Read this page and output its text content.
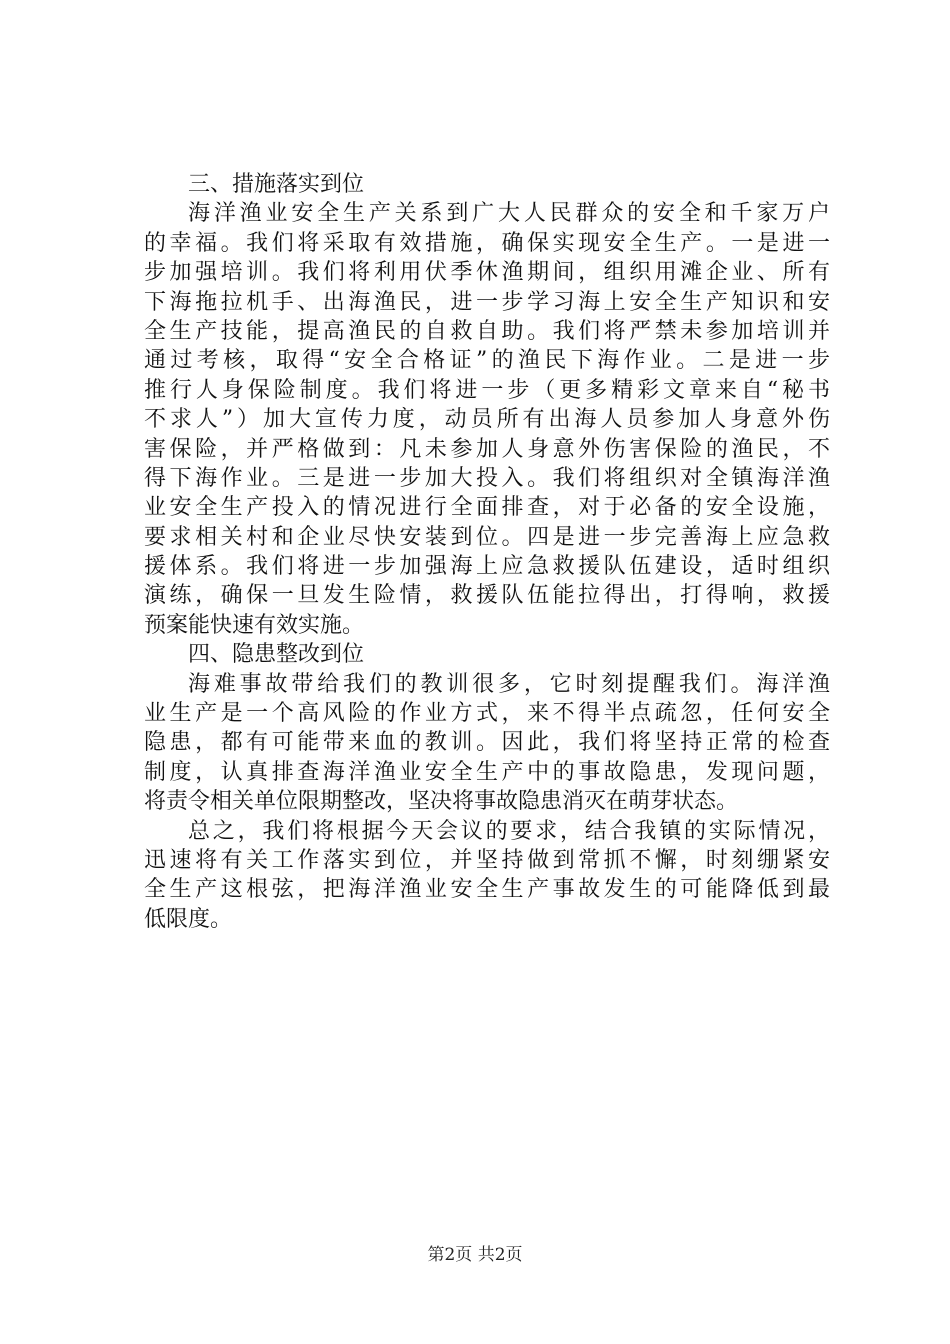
三、措施落实到位
海洋渔业安全生产关系到广大人民群众的安全和千家万户
的幸福。我们将采取有效措施，确保实现安全生产。一是进一
步加强培训。我们将利用伏季休渔期间，组织用滩企业、所有
下海拖拉机手、出海渔民，进一步学习海上安全生产知识和安
全生产技能，提高渔民的自救自助。我们将严禁未参加培训并
通过考核，取得“安全合格证”的渔民下海作业。二是进一步
推行人身保险制度。我们将进一步（更多精彩文章来自“秘书
不求人”）加大宣传力度，动员所有出海人员参加人身意外伤
害保险，并严格做到：凡未参加人身意外伤害保险的渔民，不
得下海作业。三是进一步加大投入。我们将组织对全镇海洋渔
业安全生产投入的情况进行全面排查，对于必备的安全设施，
要求相关村和企业尽快安装到位。四是进一步完善海上应急救
援体系。我们将进一步加强海上应急救援队伍建设，适时组织
演练，确保一旦发生险情，救援队伍能拉得出，打得响，救援
预案能快速有效实施。
四、隐患整改到位
海难事故带给我们的教训很多，它时刻提醒我们。海洋渔
业生产是一个高风险的作业方式，来不得半点疏忽，任何安全
隐患，都有可能带来血的教训。因此，我们将坚持正常的检查
制度，认真排查海洋渔业安全生产中的事故隐患，发现问题，
将责令相关单位限期整改，坚决将事故隐患消灭在萌芽状态。
总之，我们将根据今天会议的要求，结合我镇的实际情况，
迅速将有关工作落实到位，并坚持做到常抓不懈，时刻绷紧安
全生产这根弦，把海洋渔业安全生产事故发生的可能降低到最
低限度。
第2页 共2页
